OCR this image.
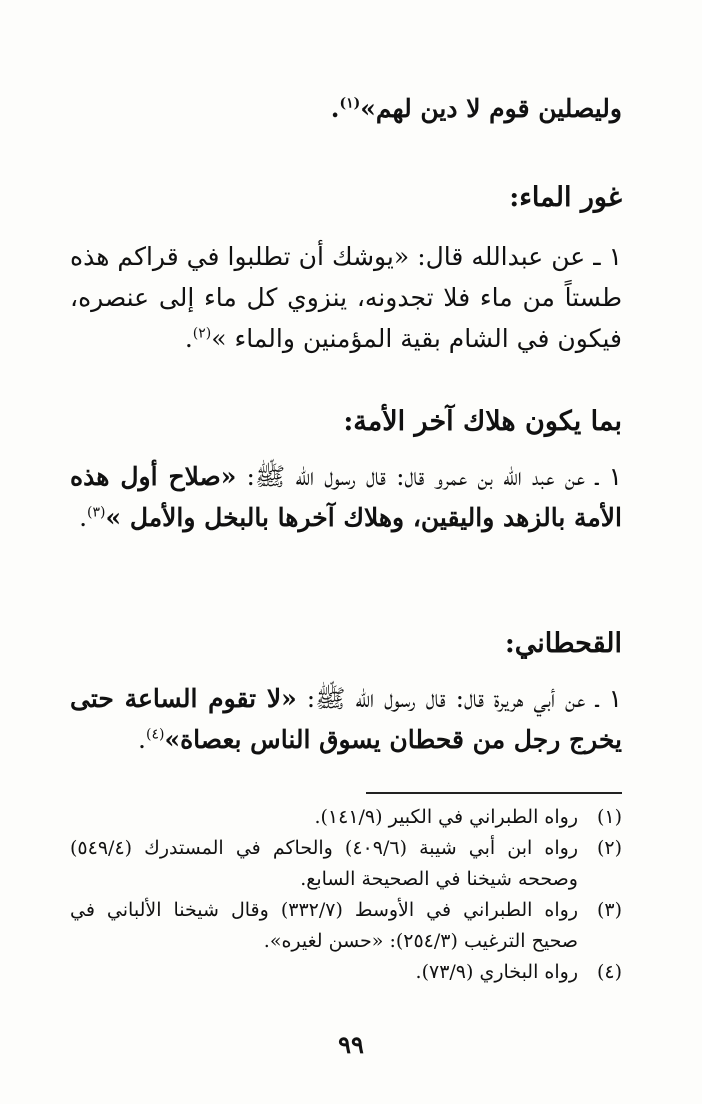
وليصلين قوم لا دين لهم»$^{(١)}$.
غور الماء:
١ ـ عن عبدالله قال: «يوشك أن تطلبوا في قراكم هذه طستاً من ماء فلا تجدونه، ينزوي كل ماء إلى عنصره، فيكون في الشام بقية المؤمنين والماء »$^{(٢)}$.
بما يكون هلاك آخر الأمة:
١ ـ عن عبد الله بن عمرو قال: قال رسول الله ﷺ: «صلاح أول هذه الأمة بالزهد واليقين، وهلاك آخرها بالبخل والأمل »$^{(٣)}$.
القحطاني:
١ ـ عن أبي هريرة قال: قال رسول الله ﷺ: «لا تقوم الساعة حتى يخرج رجل من قحطان يسوق الناس بعصاة»$^{(٤)}$.
(١)
رواه الطبراني في الكبير (١٤١/٩).
(٢)
رواه ابن أبي شيبة (٤٠٩/٦) والحاكم في المستدرك (٥٤٩/٤) وصححه شيخنا في الصحيحة السابع.
(٣)
رواه الطبراني في الأوسط (٣٣٢/٧) وقال شيخنا الألباني في صحيح الترغيب (٢٥٤/٣): «حسن لغيره».
(٤)
رواه البخاري (٧٣/٩).
٩٩
